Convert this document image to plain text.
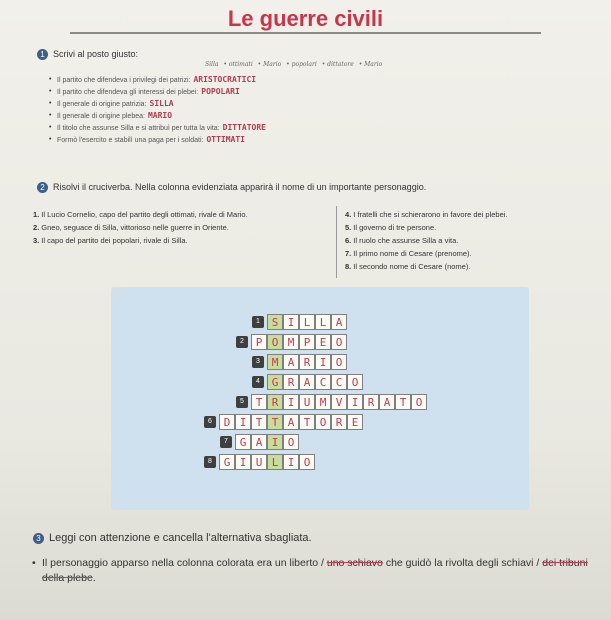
Le guerre civili
1 Scrivi al posto giusto:
Silla • ottimati • Mario • popolari • dittatore • Mario
• Il partito che difendeva i privilegi dei patrizi: ARISTOCRATICI
• Il partito che difendeva gli interessi dei plebei: POPOLARI
• Il generale di origine patrizia: SILLA
• Il generale di origine plebea: MARIO
• Il titolo che assunse Silla e si attribuì per tutta la vita: DITTATORE
• Formò l'esercito e stabilì una paga per i soldati: OTTIMATI
2 Risolvi il cruciverba. Nella colonna evidenziata apparirà il nome di un importante personaggio.

1. Il Lucio Cornelio, capo del partito degli ottimati, rivale di Mario.

2. Gneo, seguace di Silla, vittorioso nelle guerre in Oriente.

3. Il capo del partito dei popolari, rivale di Silla.

4. I fratelli che si schierarono in favore dei plebei.

5. Il governo di tre persone.

6. Il ruolo che assunse Silla a vita.

7. Il primo nome di Cesare (prenome).

8. Il secondo nome di Cesare (nome).

1	S I L L A
2	P O M P E O
3	M A R I O
4	G R A C C O
5	T R I U M V I R A T O
6	D I T T A T O R E
7	G A I O
8	G I U L I O
3 Leggi con attenzione e cancella l'alternativa sbagliata.
• Il personaggio apparso nella colonna colorata era un liberto / uno schiavo che guidò la rivolta degli schiavi / dei tribuni della plebe.
